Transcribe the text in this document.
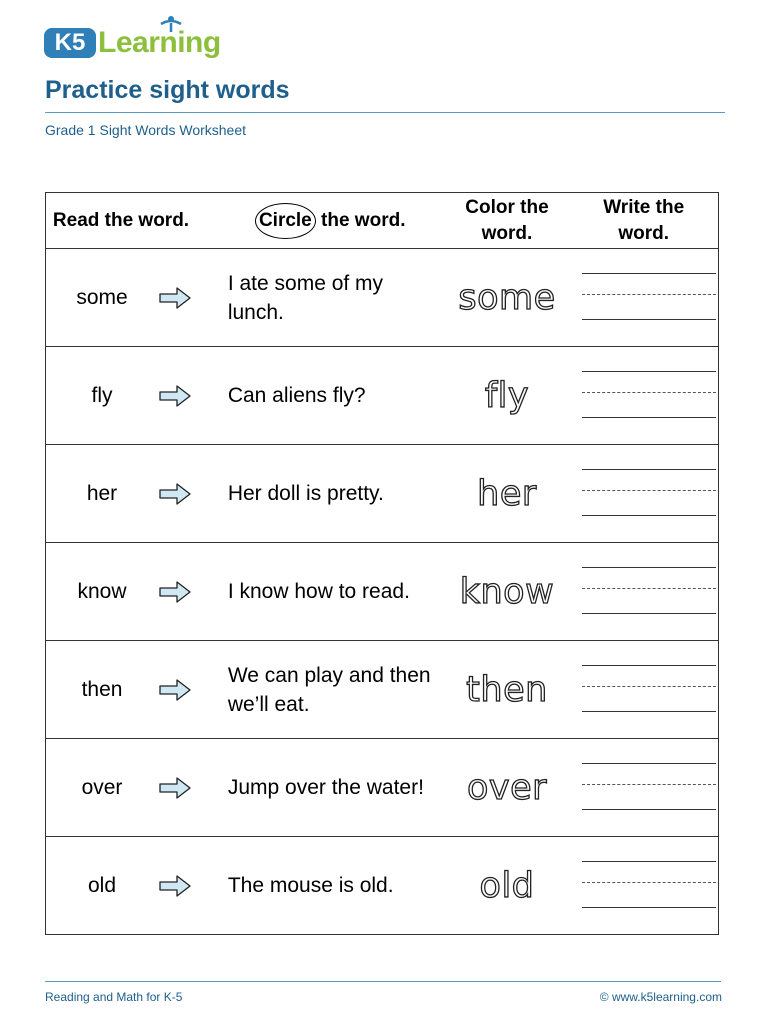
K5 Learning
Practice sight words
Grade 1 Sight Words Worksheet
Read the word.	Circle the word.	Color the word.	Write the word.

some	I ate some of my lunch.	some	

fly	Can aliens fly?	fly	

her	Her doll is pretty.	her	

know	I know how to read.	know	

then	We can play and then we’ll eat.	then	

over	Jump over the water!	over	

old	The mouse is old.	old	

Reading and Math for K-5	© www.k5learning.com
